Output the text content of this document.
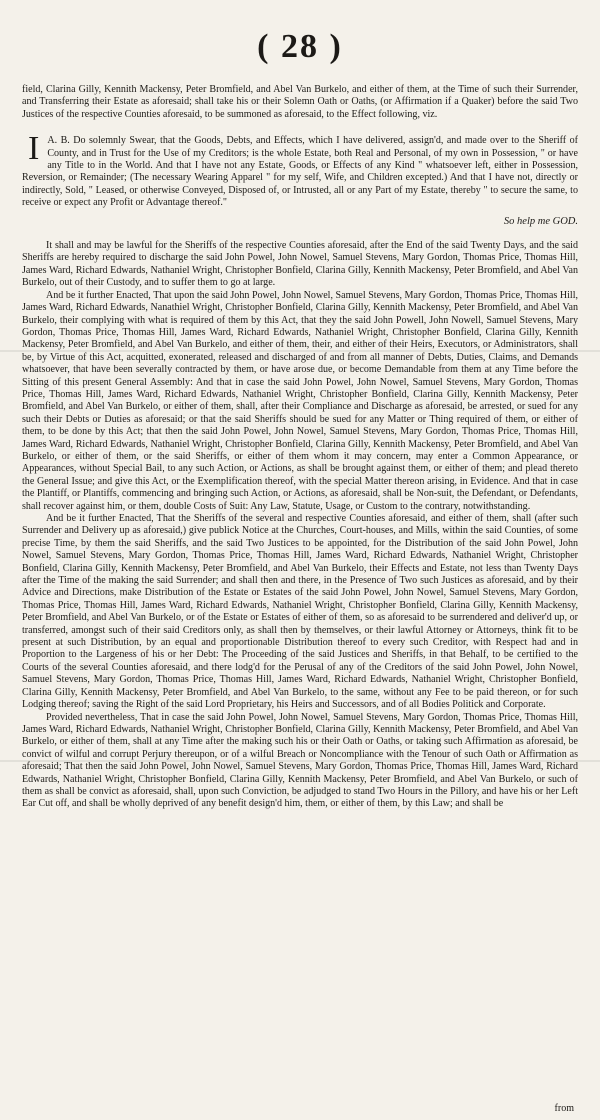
( 28 )

field, Clarina Gilly, Kennith Mackensy, Peter Bromfield, and Abel Van Burkelo, and either of them, at the Time of such their Surrender, and Transferring their Estate as aforesaid; shall take his or their Solemn Oath or Oaths, (or Affirmation if a Quaker) before the said Two Justices of the respective Counties aforesaid, to be summoned as aforesaid, to the Effect following, viz.

I A. B. Do solemnly Swear, that the Goods, Debts, and Effects, which I have delivered, assign'd, and made over to the Sheriff of County, and in Trust for the Use of my Creditors; is the whole Estate, both Real and Personal, of my own in Possession, " or have any Title to in the World. And that I have not any Estate, Goods, or Effects of any Kind " whatsoever left, either in Possession, Reversion, or Remainder; (The necessary Wearing Apparel " for my self, Wife, and Children excepted.) And that I have not, directly or indirectly, Sold, " Leased, or otherwise Conveyed, Disposed of, or Intrusted, all or any Part of my Estate, thereby " to secure the same, to receive or expect any Profit or Advantage thereof."
So help me GOD.

It shall and may be lawful for the Sheriffs of the respective Counties aforesaid, after the End of the said Twenty Days, and the said Sheriffs are hereby required to discharge the said John Powel, John Nowel, Samuel Stevens, Mary Gordon, Thomas Price, Thomas Hill, James Ward, Richard Edwards, Nathaniel Wright, Christopher Bonfield, Clarina Gilly, Kennith Mackensy, Peter Bromfield, and Abel Van Burkelo, out of their Custody, and to suffer them to go at large.

And be it further Enacted, That upon the said John Powel, John Nowel, Samuel Stevens, Mary Gordon, Thomas Price, Thomas Hill, James Ward, Richard Edwards, Nanathiel Wright, Christopher Bonfield, Clarina Gilly, Kennith Mackensy, Peter Bromfield, and Abel Van Burkelo, their complying with what is required of them by this Act, that they the said John Powell, John Nowell, Samuel Stevens, Mary Gordon, Thomas Price, Thomas Hill, James Ward, Richard Edwards, Nathaniel Wright, Christopher Bonfield, Clarina Gilly, Kennith Mackensy, Peter Bromfield, and Abel Van Burkelo, and either of them, their, and either of their Heirs, Executors, or Administrators, shall be, by Virtue of this Act, acquitted, exonerated, released and discharged of and from all manner of Debts, Duties, Claims, and Demands whatsoever, that have been severally contracted by them, or have arose due, or become Demandable from them at any Time before the Sitting of this present General Assembly: And that in case the said John Powel, John Nowel, Samuel Stevens, Mary Gordon, Thomas Price, Thomas Hill, James Ward, Richard Edwards, Nathaniel Wright, Christopher Bonfield, Clarina Gilly, Kennith Mackensy, Peter Bromfield, and Abel Van Burkelo, or either of them, shall, after their Compliance and Discharge as aforesaid, be arrested, or sued for any such their Debts or Duties as aforesaid; or that the said Sheriffs should be sued for any Matter or Thing required of them, or either of them, to be done by this Act; that then the said John Powel, John Nowel, Samuel Stevens, Mary Gordon, Thomas Price, Thomas Hill, James Ward, Richard Edwards, Nathaniel Wright, Christopher Bonfield, Clarina Gilly, Kennith Mackensy, Peter Bromfield, and Abel Van Burkelo, or either of them, or the said Sheriffs, or either of them whom it may concern, may enter a Common Appearance, or Appearances, without Special Bail, to any such Action, or Actions, as shall be brought against them, or either of them; and plead thereto the General Issue; and give this Act, or the Exemplification thereof, with the special Matter thereon arising, in Evidence. And that in case the Plantiff, or Plantiffs, commencing and bringing such Action, or Actions, as aforesaid, shall be Non-suit, the Defendant, or Defendants, shall recover against him, or them, double Costs of Suit: Any Law, Statute, Usage, or Custom to the contrary, notwithstanding.

And be it further Enacted, That the Sheriffs of the several and respective Counties aforesaid, and either of them, shall (after such Surrender and Delivery up as aforesaid,) give publick Notice at the Churches, Court-houses, and Mills, within the said Counties, of some precise Time, by them the said Sheriffs, and the said Two Justices to be appointed, for the Distribution of the said John Powel, John Nowel, Samuel Stevens, Mary Gordon, Thomas Price, Thomas Hill, James Ward, Richard Edwards, Nathaniel Wright, Christopher Bonfield, Clarina Gilly, Kennith Mackensy, Peter Bromfield, and Abel Van Burkelo, their Effects and Estate, not less than Twenty Days after the Time of the making the said Surrender; and shall then and there, in the Presence of Two such Justices as aforesaid, and by their Advice and Directions, make Distribution of the Estate or Estates of the said John Powel, John Nowel, Samuel Stevens, Mary Gordon, Thomas Price, Thomas Hill, James Ward, Richard Edwards, Nathaniel Wright, Christopher Bonfield, Clarina Gilly, Kennith Mackensy, Peter Bromfield, and Abel Van Burkelo, or of the Estate or Estates of either of them, so as aforesaid to be surrendered and deliver'd up, or transferred, amongst such of their said Creditors only, as shall then by themselves, or their lawful Attorney or Attorneys, think fit to be present at such Distribution, by an equal and proportionable Distribution thereof to every such Creditor, with Respect had and in Proportion to the Largeness of his or her Debt: The Proceeding of the said Justices and Sheriffs, in that Behalf, to be certified to the Courts of the several Counties aforesaid, and there lodg'd for the Perusal of any of the Creditors of the said John Powel, John Nowel, Samuel Stevens, Mary Gordon, Thomas Price, Thomas Hill, James Ward, Richard Edwards, Nathaniel Wright, Christopher Bonfield, Clarina Gilly, Kennith Mackensy, Peter Bromfield, and Abel Van Burkelo, to the same, without any Fee to be paid thereon, or for such Lodging thereof; saving the Right of the said Lord Proprietary, his Heirs and Successors, and of all Bodies Politick and Corporate.

Provided nevertheless, That in case the said John Powel, John Nowel, Samuel Stevens, Mary Gordon, Thomas Price, Thomas Hill, James Ward, Richard Edwards, Nathaniel Wright, Christopher Bonfield, Clarina Gilly, Kennith Mackensy, Peter Bromfield, and Abel Van Burkelo, or either of them, shall at any Time after the making such his or their Oath or Oaths, or taking such Affirmation as aforesaid, be convict of wilful and corrupt Perjury thereupon, or of a wilful Breach or Noncompliance with the Tenour of such Oath or Affirmation as aforesaid; That then the said John Powel, John Nowel, Samuel Stevens, Mary Gordon, Thomas Price, Thomas Hill, James Ward, Richard Edwards, Nathaniel Wright, Christopher Bonfield, Clarina Gilly, Kennith Mackensy, Peter Bromfield, and Abel Van Burkelo, or such of them as shall be convict as aforesaid, shall, upon such Conviction, be adjudged to stand Two Hours in the Pillory, and have his or her Left Ear Cut off, and shall be wholly deprived of any benefit design'd him, them, or either of them, by this Law; and shall be

from
